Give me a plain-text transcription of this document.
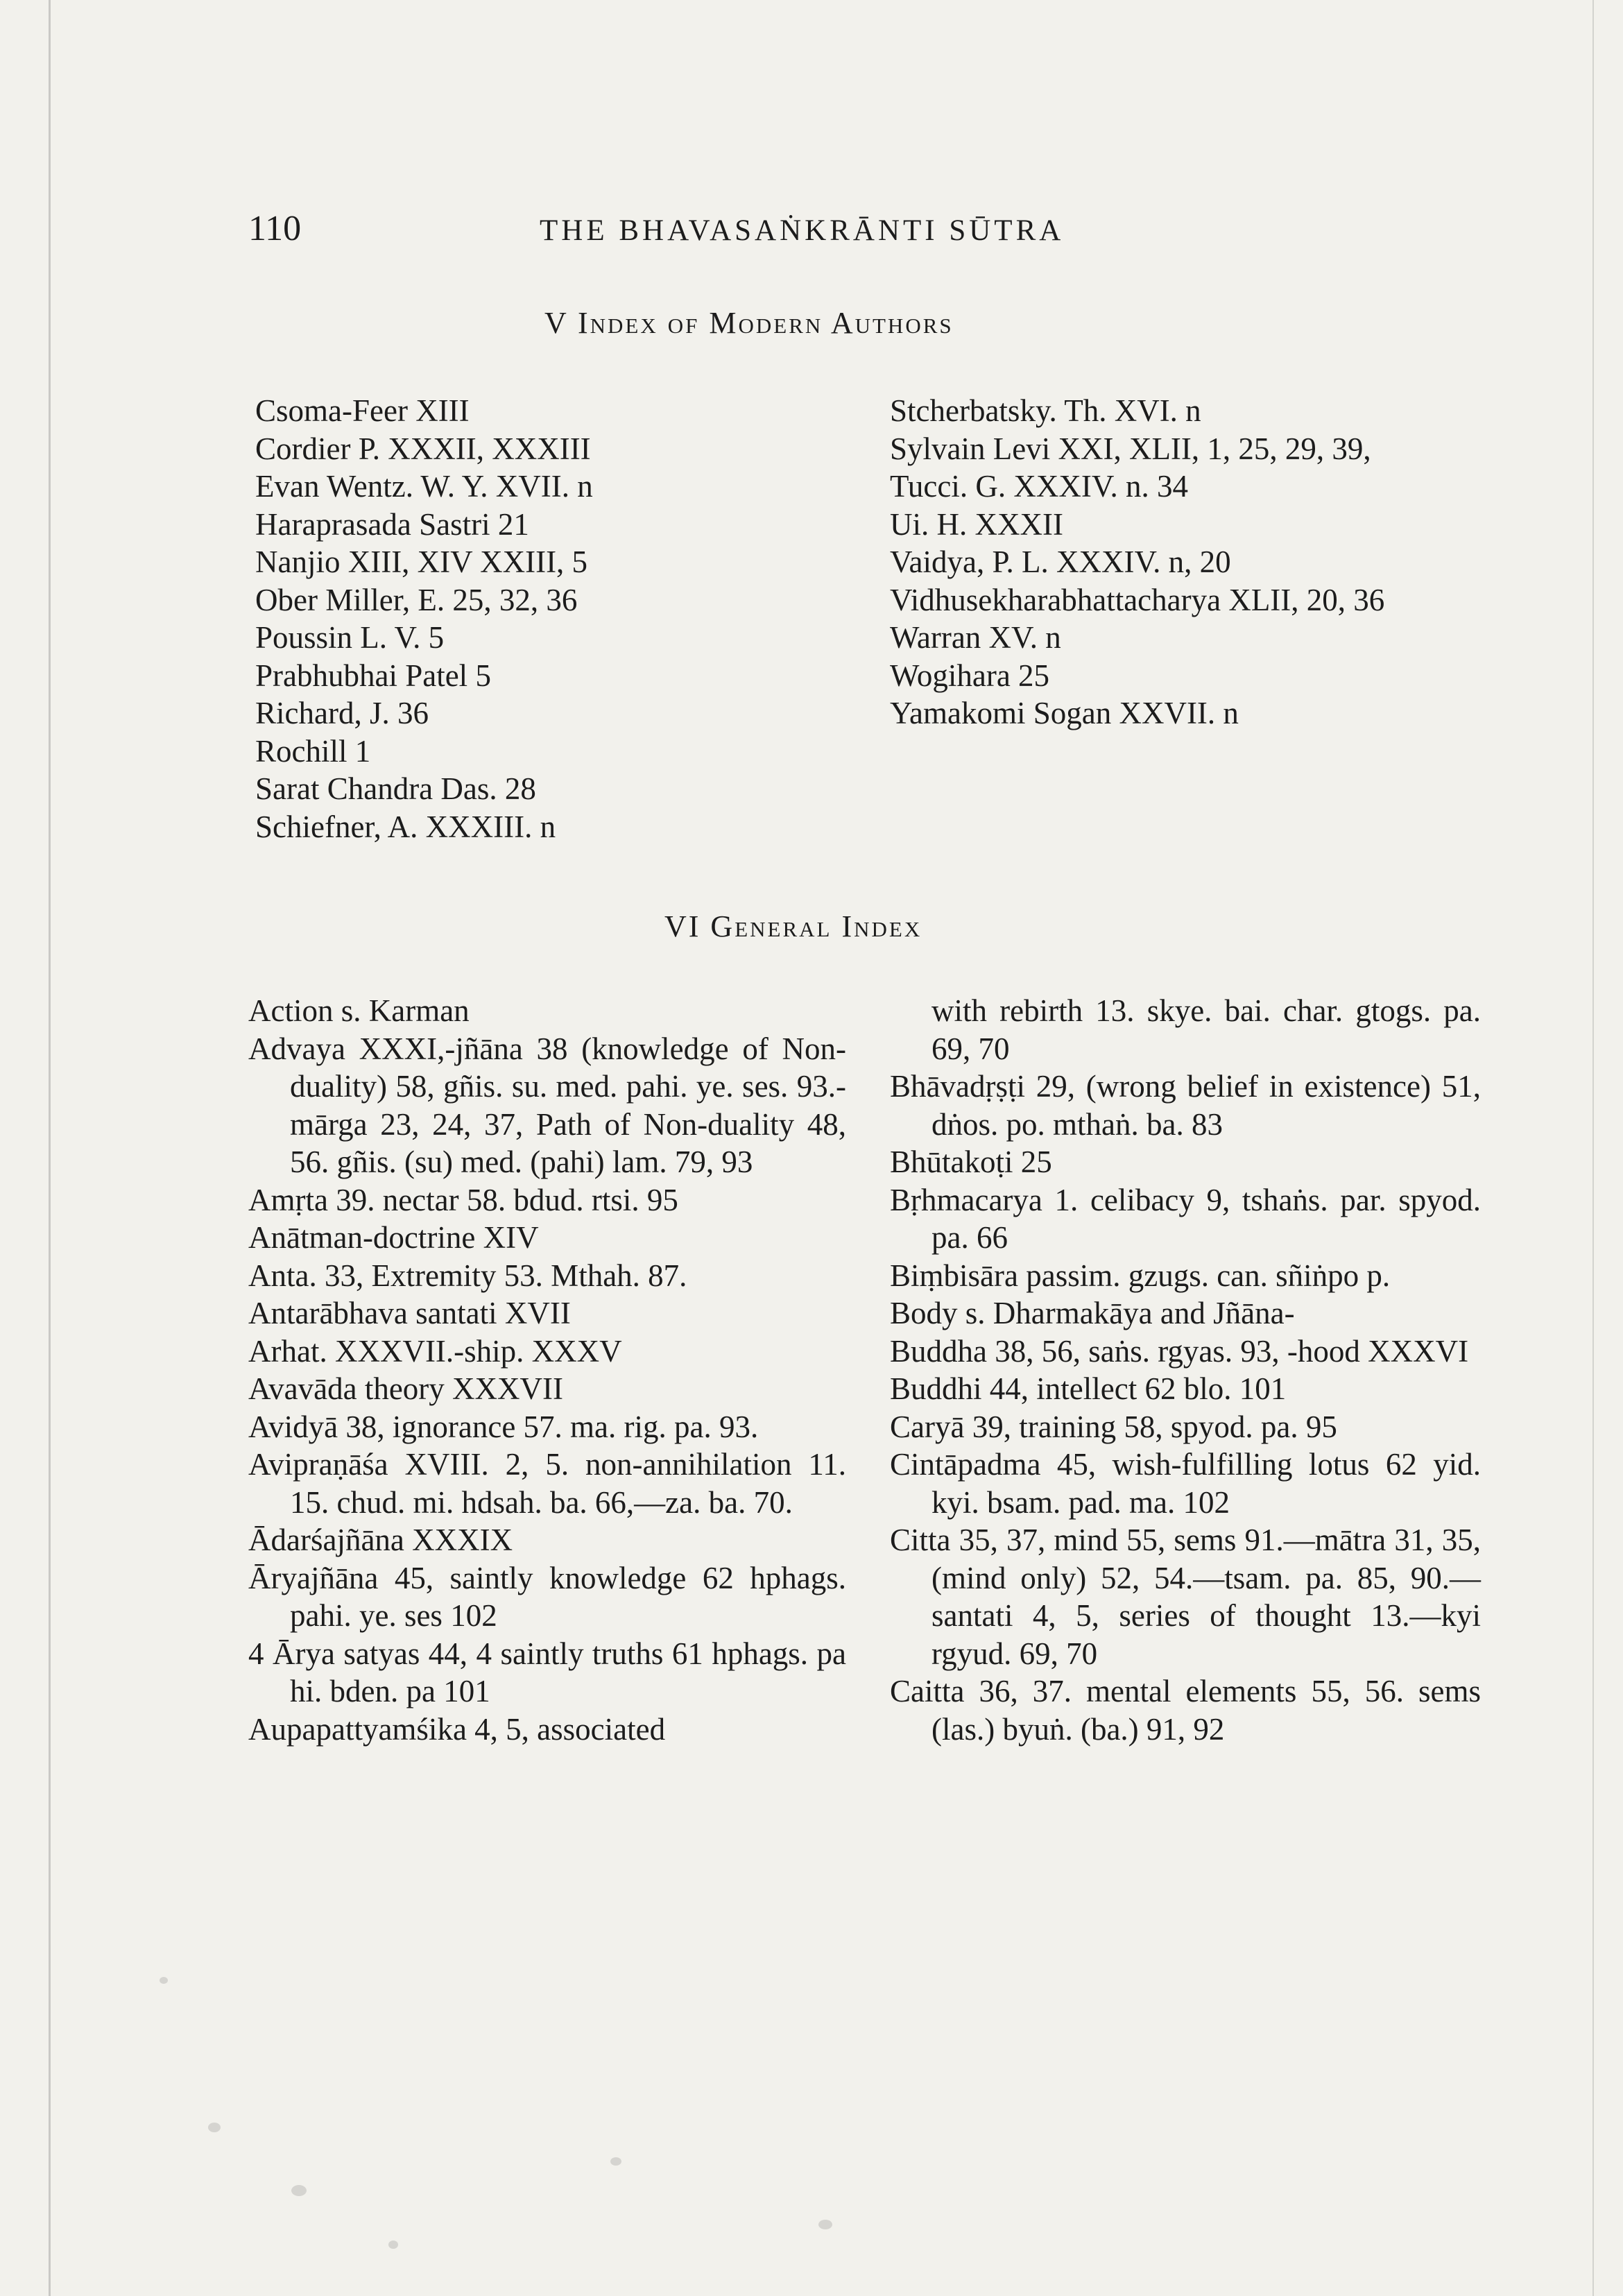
110	THE BHAVASAṄKRĀNTI SŪTRA
V Index of Modern Authors
Csoma-Feer XIII
Cordier P. XXXII, XXXIII
Evan Wentz. W. Y. XVII. n
Haraprasada Sastri 21
Nanjio XIII, XIV XXIII, 5
Ober Miller, E. 25, 32, 36
Poussin L. V. 5
Prabhubhai Patel 5
Richard, J. 36
Rochill 1
Sarat Chandra Das. 28
Schiefner, A. XXXIII. n
Stcherbatsky. Th. XVI. n
Sylvain Levi XXI, XLII, 1, 25, 29, 39,
Tucci. G. XXXIV. n. 34
Ui. H. XXXII
Vaidya, P. L. XXXIV. n, 20
Vidhusekharabhattacharya XLII, 20, 36
Warran XV. n
Wogihara 25
Yamakomi Sogan XXVII. n
VI General Index
Action s. Karman
Advaya XXXI,-jñāna 38 (knowledge of Non-duality) 58, gñis. su. med. pahi. ye. ses. 93.-mārga 23, 24, 37, Path of Non-duality 48, 56. gñis. (su) med. (pahi) lam. 79, 93
Amṛta 39. nectar 58. bdud. rtsi. 95
Anātman-doctrine XIV
Anta. 33, Extremity 53. Mthah. 87.
Antarābhava santati XVII
Arhat. XXXVII.-ship. XXXV
Avavāda theory XXXVII
Avidyā 38, ignorance 57. ma. rig. pa. 93.
Avipraṇāśa XVIII. 2, 5. non-annihilation 11. 15. chud. mi. hdsah. ba. 66,—za. ba. 70.
Ādarśajñāna XXXIX
Āryajñāna 45, saintly knowledge 62 hphags. pahi. ye. ses 102
4 Ārya satyas 44, 4 saintly truths 61 hphags. pa hi. bden. pa 101
Aupapattyamśika 4, 5, associated
with rebirth 13. skye. bai. char. gtogs. pa. 69, 70
Bhāvadṛṣṭi 29, (wrong belief in existence) 51, dṅos. po. mthaṅ. ba. 83
Bhūtakoṭi 25
Bṛhmacarya 1. celibacy 9, tshaṅs. par. spyod. pa. 66
Biṃbisāra passim. gzugs. can. sñiṅpo p.
Body s. Dharmakāya and Jñāna-
Buddha 38, 56, saṅs. rgyas. 93, -hood XXXVI
Buddhi 44, intellect 62 blo. 101
Caryā 39, training 58, spyod. pa. 95
Cintāpadma 45, wish-fulfilling lotus 62 yid. kyi. bsam. pad. ma. 102
Citta 35, 37, mind 55, sems 91.—mātra 31, 35, (mind only) 52, 54.—tsam. pa. 85, 90.—santati 4, 5, series of thought 13.—kyi rgyud. 69, 70
Caitta 36, 37. mental elements 55, 56. sems (las.) byuṅ. (ba.) 91, 92
